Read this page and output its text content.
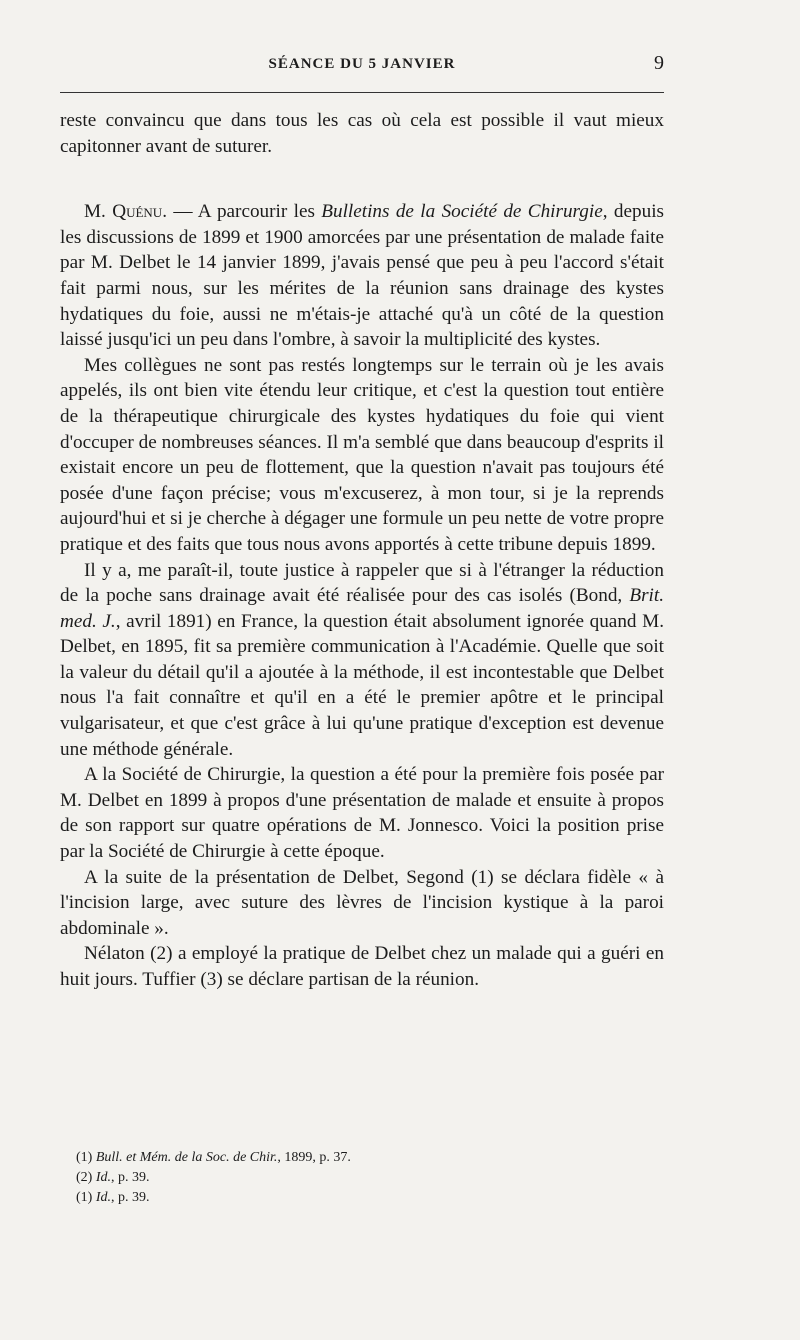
SÉANCE DU 5 JANVIER	9

reste convaincu que dans tous les cas où cela est possible il vaut mieux capitonner avant de suturer.

M. Quénu. — A parcourir les Bulletins de la Société de Chirurgie, depuis les discussions de 1899 et 1900 amorcées par une présentation de malade faite par M. Delbet le 14 janvier 1899, j'avais pensé que peu à peu l'accord s'était fait parmi nous, sur les mérites de la réunion sans drainage des kystes hydatiques du foie, aussi ne m'étais-je attaché qu'à un côté de la question laissé jusqu'ici un peu dans l'ombre, à savoir la multiplicité des kystes.

Mes collègues ne sont pas restés longtemps sur le terrain où je les avais appelés, ils ont bien vite étendu leur critique, et c'est la question tout entière de la thérapeutique chirurgicale des kystes hydatiques du foie qui vient d'occuper de nombreuses séances. Il m'a semblé que dans beaucoup d'esprits il existait encore un peu de flottement, que la question n'avait pas toujours été posée d'une façon précise; vous m'excuserez, à mon tour, si je la reprends aujourd'hui et si je cherche à dégager une formule un peu nette de votre propre pratique et des faits que tous nous avons apportés à cette tribune depuis 1899.

Il y a, me paraît-il, toute justice à rappeler que si à l'étranger la réduction de la poche sans drainage avait été réalisée pour des cas isolés (Bond, Brit. med. J., avril 1891) en France, la question était absolument ignorée quand M. Delbet, en 1895, fit sa première communication à l'Académie. Quelle que soit la valeur du détail qu'il a ajoutée à la méthode, il est incontestable que Delbet nous l'a fait connaître et qu'il en a été le premier apôtre et le principal vulgarisateur, et que c'est grâce à lui qu'une pratique d'exception est devenue une méthode générale.

A la Société de Chirurgie, la question a été pour la première fois posée par M. Delbet en 1899 à propos d'une présentation de malade et ensuite à propos de son rapport sur quatre opérations de M. Jonnesco. Voici la position prise par la Société de Chirurgie à cette époque.

A la suite de la présentation de Delbet, Segond (1) se déclara fidèle « à l'incision large, avec suture des lèvres de l'incision kystique à la paroi abdominale ».

Nélaton (2) a employé la pratique de Delbet chez un malade qui a guéri en huit jours. Tuffier (3) se déclare partisan de la réunion.

(1) Bull. et Mém. de la Soc. de Chir., 1899, p. 37.
(2) Id., p. 39.
(1) Id., p. 39.
